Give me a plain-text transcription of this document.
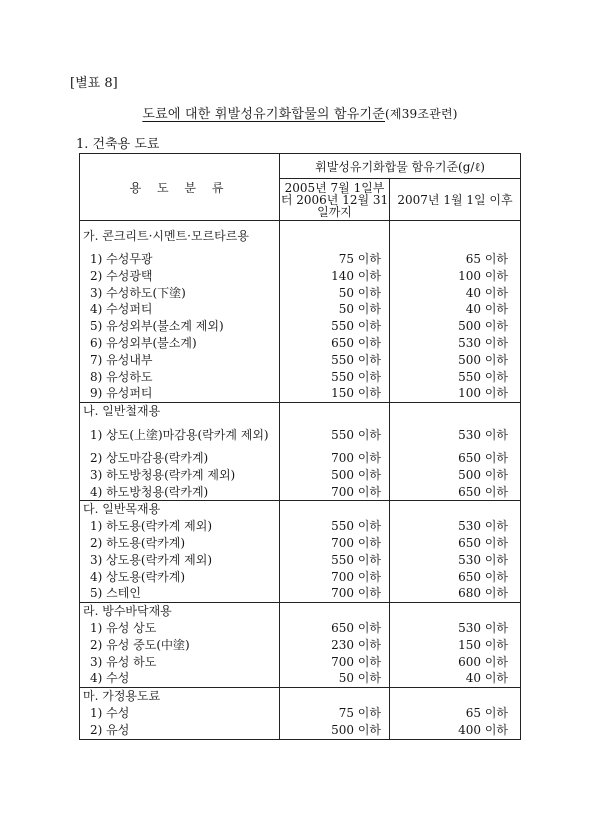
[별표 8]
도료에 대한 휘발성유기화합물의 함유기준(제39조관련)
1. 건축용 도료
용 도 분 류	휘발성유기화합물 함유기준(g/ℓ)	
	2005년 7월 1일부터 2006년 12월 31일까지	2007년 1월 1일 이후
가. 콘크리트·시멘트·모르타르용		
1) 수성무광	75 이하	65 이하
2) 수성광택	140 이하	100 이하
3) 수성하도(下塗)	50 이하	40 이하
4) 수성퍼티	50 이하	40 이하
5) 유성외부(불소계 제외)	550 이하	500 이하
6) 유성외부(불소계)	650 이하	530 이하
7) 유성내부	550 이하	500 이하
8) 유성하도	550 이하	550 이하
9) 유성퍼티	150 이하	100 이하
나. 일반철재용		
1) 상도(上塗)마감용(락카계 제외)	550 이하	530 이하
2) 상도마감용(락카계)	700 이하	650 이하
3) 하도방청용(락카계 제외)	500 이하	500 이하
4) 하도방청용(락카계)	700 이하	650 이하
다. 일반목재용		
1) 하도용(락카계 제외)	550 이하	530 이하
2) 하도용(락카계)	700 이하	650 이하
3) 상도용(락카계 제외)	550 이하	530 이하
4) 상도용(락카계)	700 이하	650 이하
5) 스테인	700 이하	680 이하
라. 방수바닥재용		
1) 유성 상도	650 이하	530 이하
2) 유성 중도(中塗)	230 이하	150 이하
3) 유성 하도	700 이하	600 이하
4) 수성	50 이하	40 이하
마. 가정용도료		
1) 수성	75 이하	65 이하
2) 유성	500 이하	400 이하
